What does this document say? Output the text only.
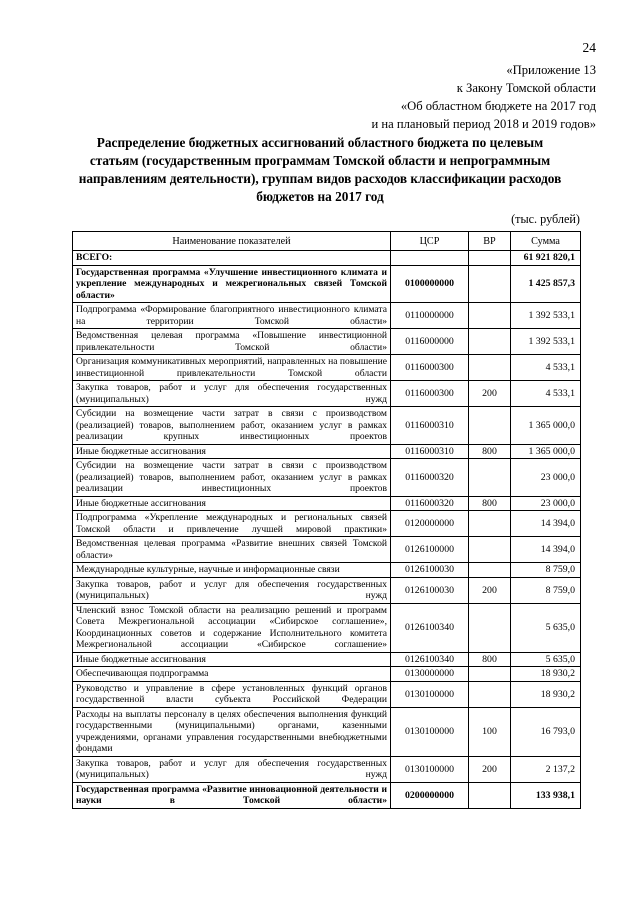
24
«Приложение 13
к Закону Томской области
«Об областном бюджете на 2017 год
и на плановый период 2018 и 2019 годов»
Распределение бюджетных ассигнований областного бюджета по целевым статьям (государственным программам Томской области и непрограммным направлениям деятельности), группам видов расходов классификации расходов бюджетов на 2017 год
(тыс. рублей)
Наименование показателей	ЦСР	ВР	Сумма
ВСЕГО:			61 921 820,1
Государственная программа «Улучшение инвестиционного климата и укрепление международных и межрегиональных связей Томской области»	0100000000		1 425 857,3
Подпрограмма «Формирование благоприятного инвестиционного климата на территории Томской области»	0110000000		1 392 533,1
Ведомственная целевая программа «Повышение инвестиционной привлекательности Томской области»	0116000000		1 392 533,1
Организация коммуникативных мероприятий, направленных на повышение инвестиционной привлекательности Томской области	0116000300		4 533,1
Закупка товаров, работ и услуг для обеспечения государственных (муниципальных) нужд	0116000300	200	4 533,1
Субсидии на возмещение части затрат в связи с производством (реализацией) товаров, выполнением работ, оказанием услуг в рамках реализации крупных инвестиционных проектов	0116000310		1 365 000,0
Иные бюджетные ассигнования	0116000310	800	1 365 000,0
Субсидии на возмещение части затрат в связи с производством (реализацией) товаров, выполнением работ, оказанием услуг в рамках реализации инвестиционных проектов	0116000320		23 000,0
Иные бюджетные ассигнования	0116000320	800	23 000,0
Подпрограмма «Укрепление международных и региональных связей Томской области и привлечение лучшей мировой практики»	0120000000		14 394,0
Ведомственная целевая программа «Развитие внешних связей Томской области»	0126100000		14 394,0
Международные культурные, научные и информационные связи	0126100030		8 759,0
Закупка товаров, работ и услуг для обеспечения государственных (муниципальных) нужд	0126100030	200	8 759,0
Членский взнос Томской области на реализацию решений и программ Совета Межрегиональной ассоциации «Сибирское соглашение», Координационных советов и содержание Исполнительного комитета Межрегиональной ассоциации «Сибирское соглашение»	0126100340		5 635,0
Иные бюджетные ассигнования	0126100340	800	5 635,0
Обеспечивающая подпрограмма	0130000000		18 930,2
Руководство и управление в сфере установленных функций органов государственной власти субъекта Российской Федерации	0130100000		18 930,2
Расходы на выплаты персоналу в целях обеспечения выполнения функций государственными (муниципальными) органами, казенными учреждениями, органами управления государственными внебюджетными фондами	0130100000	100	16 793,0
Закупка товаров, работ и услуг для обеспечения государственных (муниципальных) нужд	0130100000	200	2 137,2
Государственная программа «Развитие инновационной деятельности и науки в Томской области»	0200000000		133 938,1
